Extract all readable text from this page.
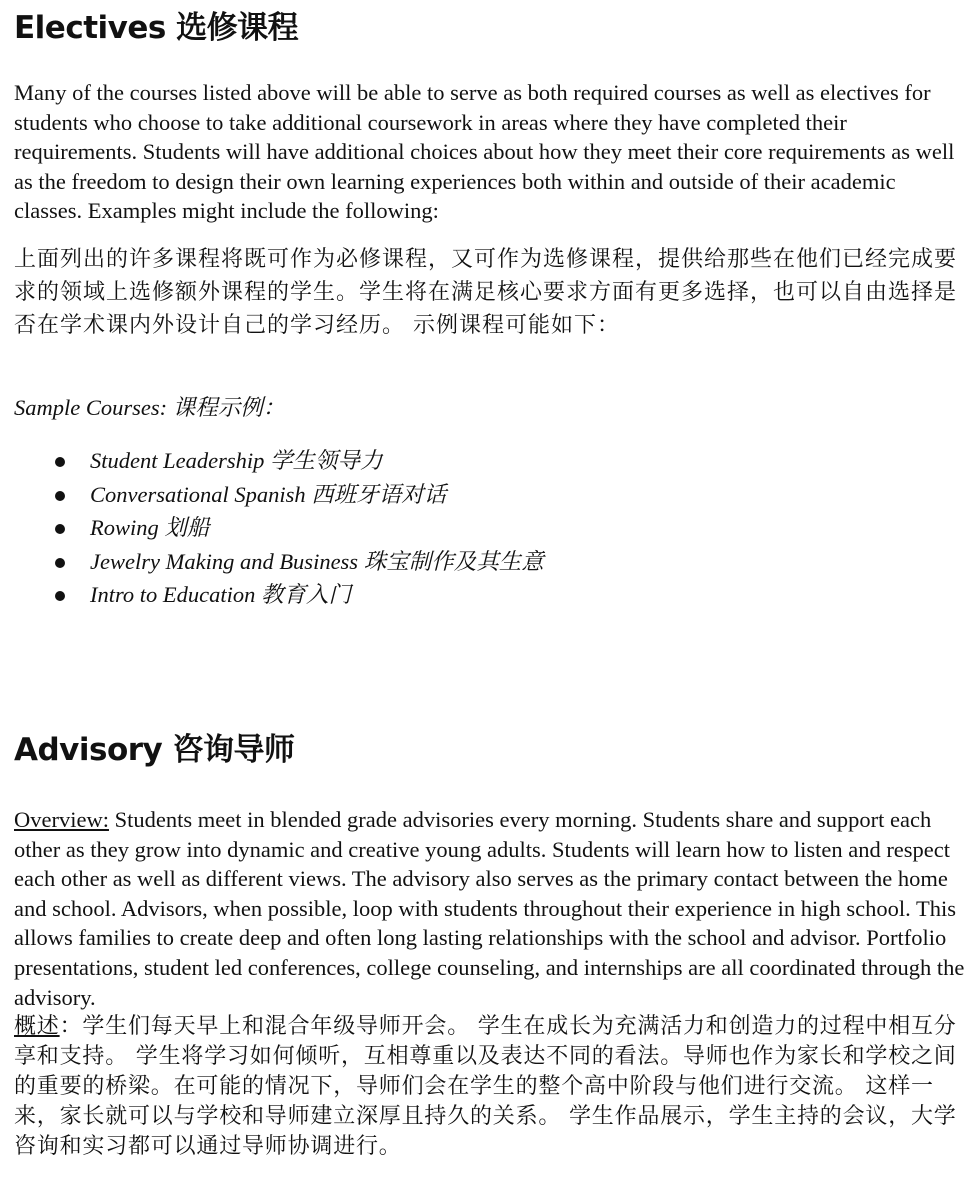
Electives 选修课程

Many of the courses listed above will be able to serve as both required courses as well as electives for students who choose to take additional coursework in areas where they have completed their requirements. Students will have additional choices about how they meet their core requirements as well as the freedom to design their own learning experiences both within and outside of their academic classes. Examples might include the following:

上面列出的许多课程将既可作为必修课程，又可作为选修课程，提供给那些在他们已经完成要求的领域上选修额外课程的学生。学生将在满足核心要求方面有更多选择，也可以自由选择是否在学术课内外设计自己的学习经历。 示例课程可能如下：

Sample Courses: 课程示例：

Student Leadership 学生领导力
Conversational Spanish 西班牙语对话
Rowing 划船
Jewelry Making and Business 珠宝制作及其生意
Intro to Education 教育入门
Advisory 咨询导师

Overview: Students meet in blended grade advisories every morning. Students share and support each other as they grow into dynamic and creative young adults. Students will learn how to listen and respect each other as well as different views. The advisory also serves as the primary contact between the home and school. Advisors, when possible, loop with students throughout their experience in high school. This allows families to create deep and often long lasting relationships with the school and advisor. Portfolio presentations, student led conferences, college counseling, and internships are all coordinated through the advisory.

概述：学生们每天早上和混合年级导师开会。 学生在成长为充满活力和创造力的过程中相互分享和支持。 学生将学习如何倾听，互相尊重以及表达不同的看法。导师也作为家长和学校之间的重要的桥梁。在可能的情况下，导师们会在学生的整个高中阶段与他们进行交流。 这样一来，家长就可以与学校和导师建立深厚且持久的关系。 学生作品展示，学生主持的会议，大学咨询和实习都可以通过导师协调进行。
